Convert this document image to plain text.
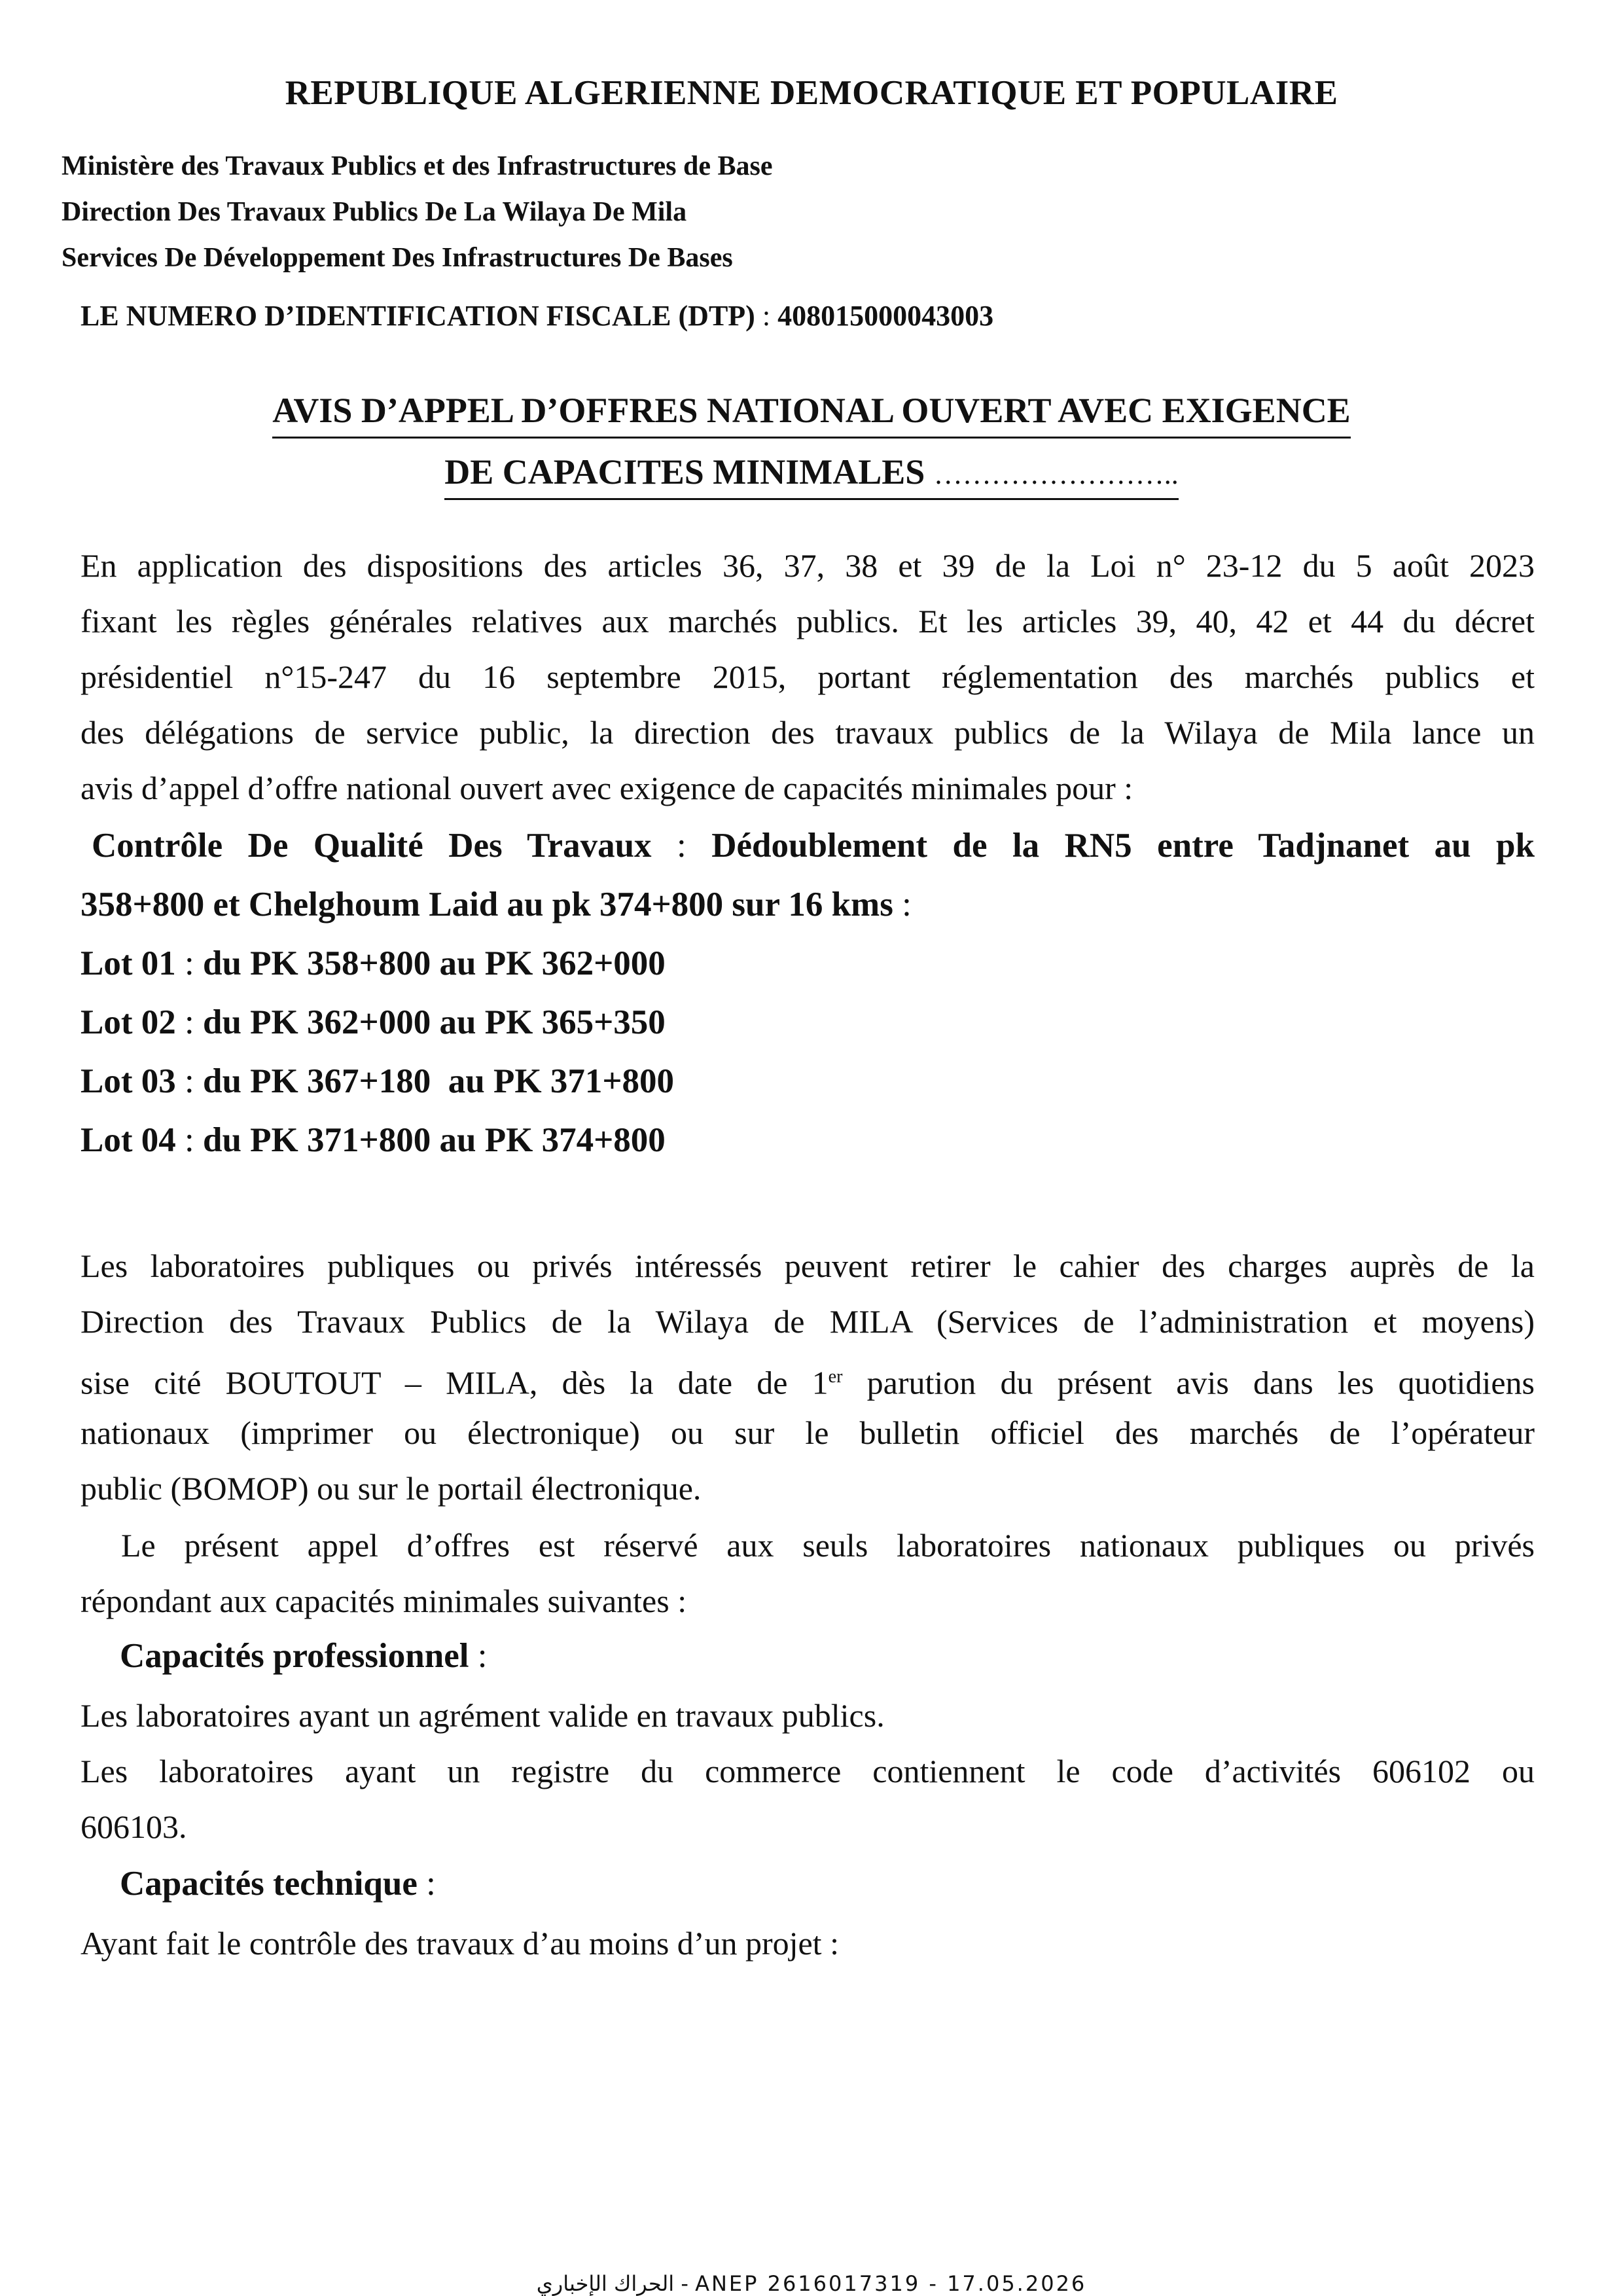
REPUBLIQUE ALGERIENNE DEMOCRATIQUE ET POPULAIRE
Ministère des Travaux Publics et des Infrastructures de Base
Direction Des Travaux Publics De La Wilaya De Mila
Services De Développement Des Infrastructures De Bases
LE NUMERO D’IDENTIFICATION FISCALE (DTP) : 408015000043003
AVIS D’APPEL D’OFFRES NATIONAL OUVERT AVEC EXIGENCE
DE CAPACITES MINIMALES ……………………..
En application des dispositions des articles 36, 37, 38 et 39 de la Loi n° 23-12 du 5 août 2023
fixant les règles générales relatives aux marchés publics. Et les articles 39, 40, 42 et 44 du décret
présidentiel n°15-247 du 16 septembre 2015, portant réglementation des marchés publics et
des délégations de service public, la direction des travaux publics de la Wilaya de Mila lance un
avis d’appel d’offre national ouvert avec exigence de capacités minimales pour :
Contrôle De Qualité Des Travaux : Dédoublement de la RN5 entre Tadjnanet au pk
358+800 et Chelghoum Laid au pk 374+800 sur 16 kms :
Lot 01 : du PK 358+800 au PK 362+000
Lot 02 : du PK 362+000 au PK 365+350
Lot 03 : du PK 367+180  au PK 371+800
Lot 04 : du PK 371+800 au PK 374+800
Les laboratoires publiques ou privés intéressés peuvent retirer le cahier des charges auprès de la
Direction des Travaux Publics de la Wilaya de MILA (Services de l’administration et moyens)
sise cité BOUTOUT – MILA, dès la date de 1er parution du présent avis dans les quotidiens
nationaux (imprimer ou électronique) ou sur le bulletin officiel des marchés de l’opérateur
public (BOMOP) ou sur le portail électronique.
Le présent appel d’offres est réservé aux seuls laboratoires nationaux publiques ou privés
répondant aux capacités minimales suivantes :
Capacités professionnel :
Les laboratoires ayant un agrément valide en travaux publics.
Les laboratoires ayant un registre du commerce contiennent le code d’activités 606102 ou
606103.
Capacités technique :
Ayant fait le contrôle des travaux d’au moins d’un projet :
الحراك الإخباري - ANEP 2616017319 - 17.05.2026
